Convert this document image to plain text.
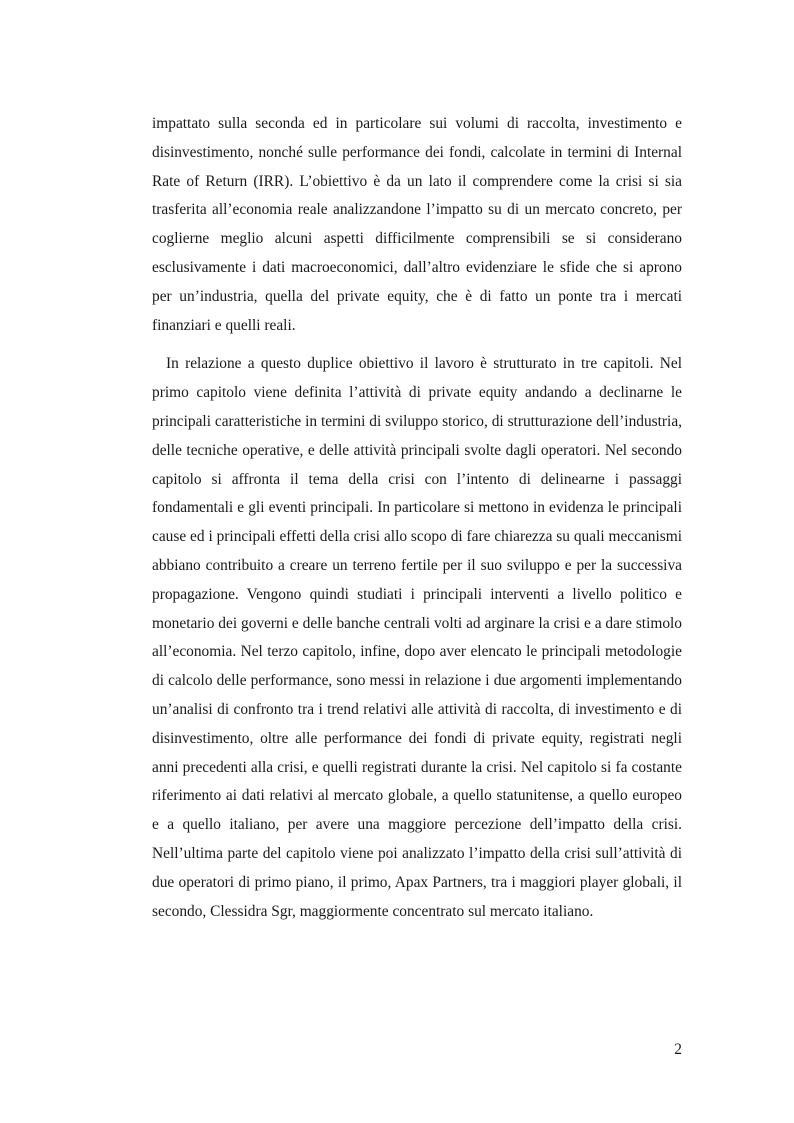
impattato sulla seconda ed in particolare sui volumi di raccolta, investimento e disinvestimento, nonché sulle performance dei fondi, calcolate in termini di Internal Rate of Return (IRR). L’obiettivo è da un lato il comprendere come la crisi si sia trasferita all’economia reale analizzandone l’impatto su di un mercato concreto, per coglierne meglio alcuni aspetti difficilmente comprensibili se si considerano esclusivamente i dati macroeconomici, dall’altro evidenziare le sfide che si aprono per un’industria, quella del private equity, che è di fatto un ponte tra i mercati finanziari e quelli reali.

In relazione a questo duplice obiettivo il lavoro è strutturato in tre capitoli. Nel primo capitolo viene definita l’attività di private equity andando a declinarne le principali caratteristiche in termini di sviluppo storico, di strutturazione dell’industria, delle tecniche operative, e delle attività principali svolte dagli operatori. Nel secondo capitolo si affronta il tema della crisi con l’intento di delinearne i passaggi fondamentali e gli eventi principali. In particolare si mettono in evidenza le principali cause ed i principali effetti della crisi allo scopo di fare chiarezza su quali meccanismi abbiano contribuito a creare un terreno fertile per il suo sviluppo e per la successiva propagazione. Vengono quindi studiati i principali interventi a livello politico e monetario dei governi e delle banche centrali volti ad arginare la crisi e a dare stimolo all’economia. Nel terzo capitolo, infine, dopo aver elencato le principali metodologie di calcolo delle performance, sono messi in relazione i due argomenti implementando un’analisi di confronto tra i trend relativi alle attività di raccolta, di investimento e di disinvestimento, oltre alle performance dei fondi di private equity, registrati negli anni precedenti alla crisi, e quelli registrati durante la crisi. Nel capitolo si fa costante riferimento ai dati relativi al mercato globale, a quello statunitense, a quello europeo e a quello italiano, per avere una maggiore percezione dell’impatto della crisi. Nell’ultima parte del capitolo viene poi analizzato l’impatto della crisi sull’attività di due operatori di primo piano, il primo, Apax Partners, tra i maggiori player globali, il secondo, Clessidra Sgr, maggiormente concentrato sul mercato italiano.

2
